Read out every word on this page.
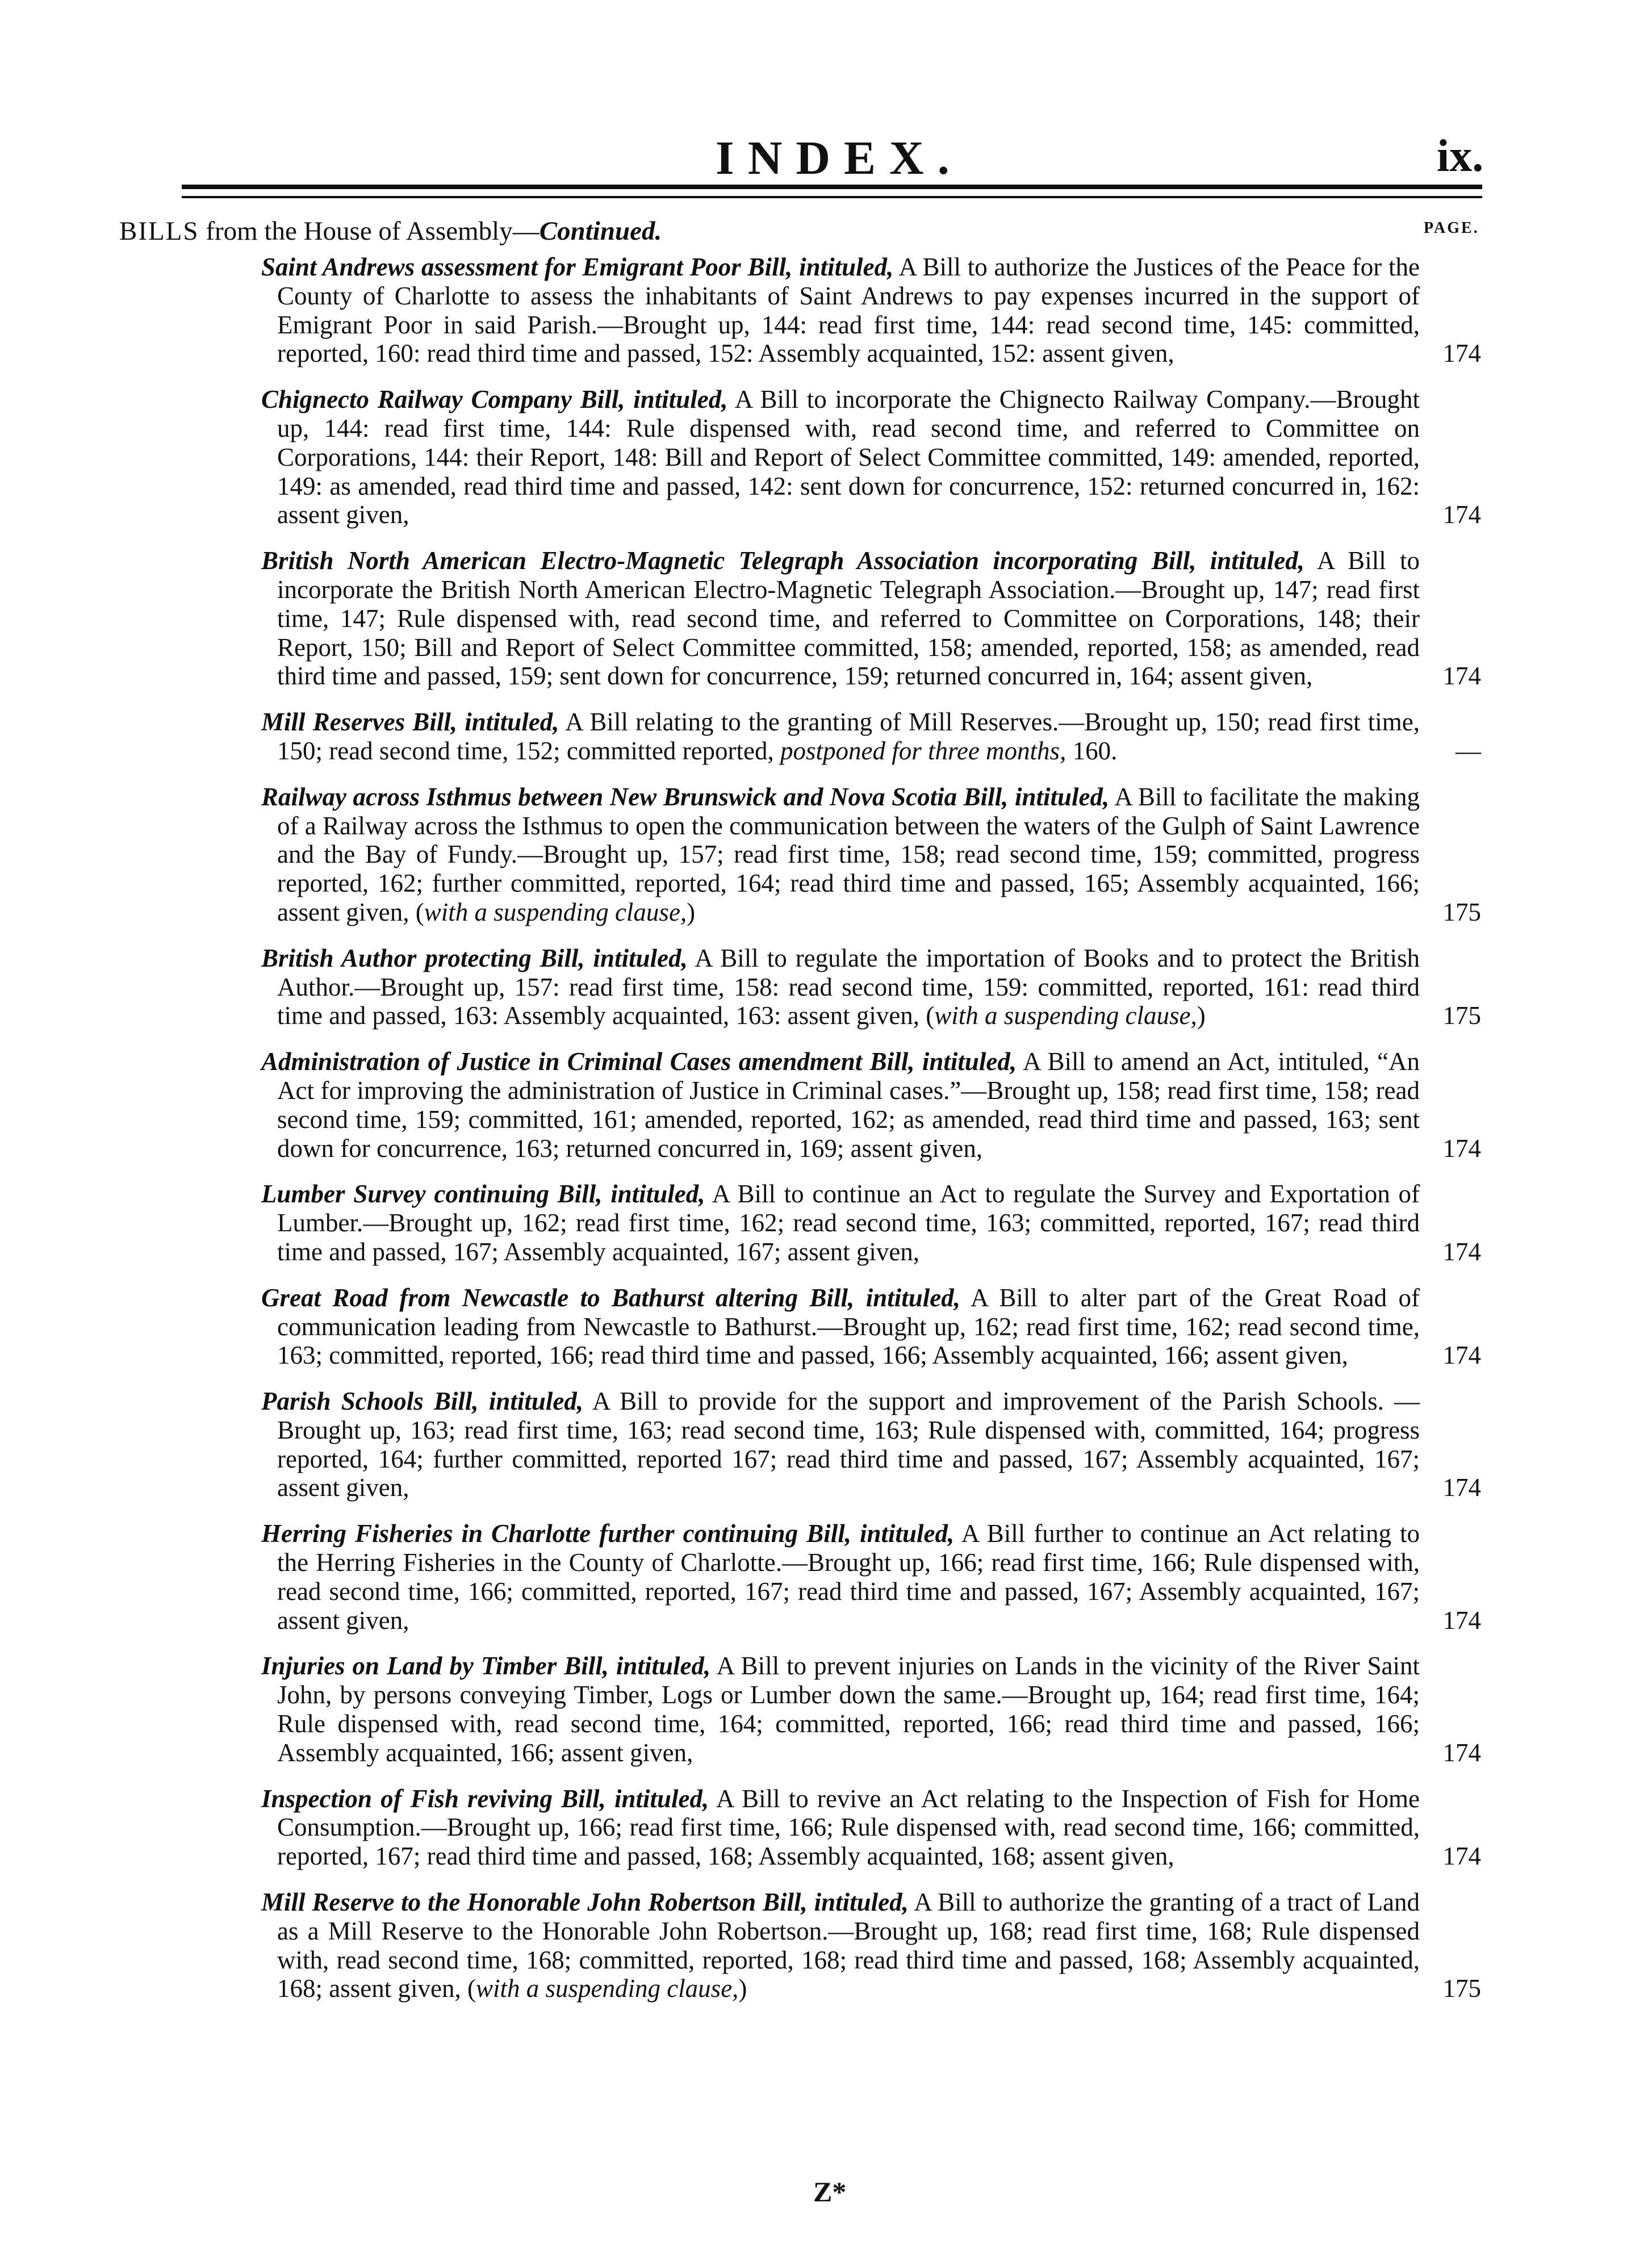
INDEX.	ix.
BILLS from the House of Assembly—Continued.	PAGE.
Saint Andrews assessment for Emigrant Poor Bill, intituled, A Bill to authorize the Justices of the Peace for the County of Charlotte to assess the inhabitants of Saint Andrews to pay expenses incurred in the support of Emigrant Poor in said Parish.—Brought up, 144: read first time, 144: read second time, 145: committed, reported, 160: read third time and passed, 152: Assembly acquainted, 152: assent given,	174
Chignecto Railway Company Bill, intituled, A Bill to incorporate the Chignecto Railway Company.—Brought up, 144: read first time, 144: Rule dispensed with, read second time, and referred to Committee on Corporations, 144: their Report, 148: Bill and Report of Select Committee committed, 149: amended, reported, 149: as amended, read third time and passed, 142: sent down for concurrence, 152: returned concurred in, 162: assent given,	174
British North American Electro-Magnetic Telegraph Association incorporating Bill, intituled, A Bill to incorporate the British North American Electro-Magnetic Telegraph Association.—Brought up, 147; read first time, 147; Rule dispensed with, read second time, and referred to Committee on Corporations, 148; their Report, 150; Bill and Report of Select Committee committed, 158; amended, reported, 158; as amended, read third time and passed, 159; sent down for concurrence, 159; returned concurred in, 164; assent given,	174
Mill Reserves Bill, intituled, A Bill relating to the granting of Mill Reserves.—Brought up, 150; read first time, 150; read second time, 152; committed reported, postponed for three months, 160.	—
Railway across Isthmus between New Brunswick and Nova Scotia Bill, intituled, A Bill to facilitate the making of a Railway across the Isthmus to open the communication between the waters of the Gulph of Saint Lawrence and the Bay of Fundy.—Brought up, 157; read first time, 158; read second time, 159; committed, progress reported, 162; further committed, reported, 164; read third time and passed, 165; Assembly acquainted, 166; assent given, (with a suspending clause,)	175
British Author protecting Bill, intituled, A Bill to regulate the importation of Books and to protect the British Author.—Brought up, 157: read first time, 158: read second time, 159: committed, reported, 161: read third time and passed, 163: Assembly acquainted, 163: assent given, (with a suspending clause,)	175
Administration of Justice in Criminal Cases amendment Bill, intituled, A Bill to amend an Act, intituled, “An Act for improving the administration of Justice in Criminal cases.”—Brought up, 158; read first time, 158; read second time, 159; committed, 161; amended, reported, 162; as amended, read third time and passed, 163; sent down for concurrence, 163; returned concurred in, 169; assent given,	174
Lumber Survey continuing Bill, intituled, A Bill to continue an Act to regulate the Survey and Exportation of Lumber.—Brought up, 162; read first time, 162; read second time, 163; committed, reported, 167; read third time and passed, 167; Assembly acquainted, 167; assent given,	174
Great Road from Newcastle to Bathurst altering Bill, intituled, A Bill to alter part of the Great Road of communication leading from Newcastle to Bathurst.—Brought up, 162; read first time, 162; read second time, 163; committed, reported, 166; read third time and passed, 166; Assembly acquainted, 166; assent given,	174
Parish Schools Bill, intituled, A Bill to provide for the support and improvement of the Parish Schools. —Brought up, 163; read first time, 163; read second time, 163; Rule dispensed with, committed, 164; progress reported, 164; further committed, reported 167; read third time and passed, 167; Assembly acquainted, 167; assent given,	174
Herring Fisheries in Charlotte further continuing Bill, intituled, A Bill further to continue an Act relating to the Herring Fisheries in the County of Charlotte.—Brought up, 166; read first time, 166; Rule dispensed with, read second time, 166; committed, reported, 167; read third time and passed, 167; Assembly acquainted, 167; assent given,	174
Injuries on Land by Timber Bill, intituled, A Bill to prevent injuries on Lands in the vicinity of the River Saint John, by persons conveying Timber, Logs or Lumber down the same.—Brought up, 164; read first time, 164; Rule dispensed with, read second time, 164; committed, reported, 166; read third time and passed, 166; Assembly acquainted, 166; assent given,	174
Inspection of Fish reviving Bill, intituled, A Bill to revive an Act relating to the Inspection of Fish for Home Consumption.—Brought up, 166; read first time, 166; Rule dispensed with, read second time, 166; committed, reported, 167; read third time and passed, 168; Assembly acquainted, 168; assent given,	174
Mill Reserve to the Honorable John Robertson Bill, intituled, A Bill to authorize the granting of a tract of Land as a Mill Reserve to the Honorable John Robertson.—Brought up, 168; read first time, 168; Rule dispensed with, read second time, 168; committed, reported, 168; read third time and passed, 168; Assembly acquainted, 168; assent given, (with a suspending clause,)	175
Z*
